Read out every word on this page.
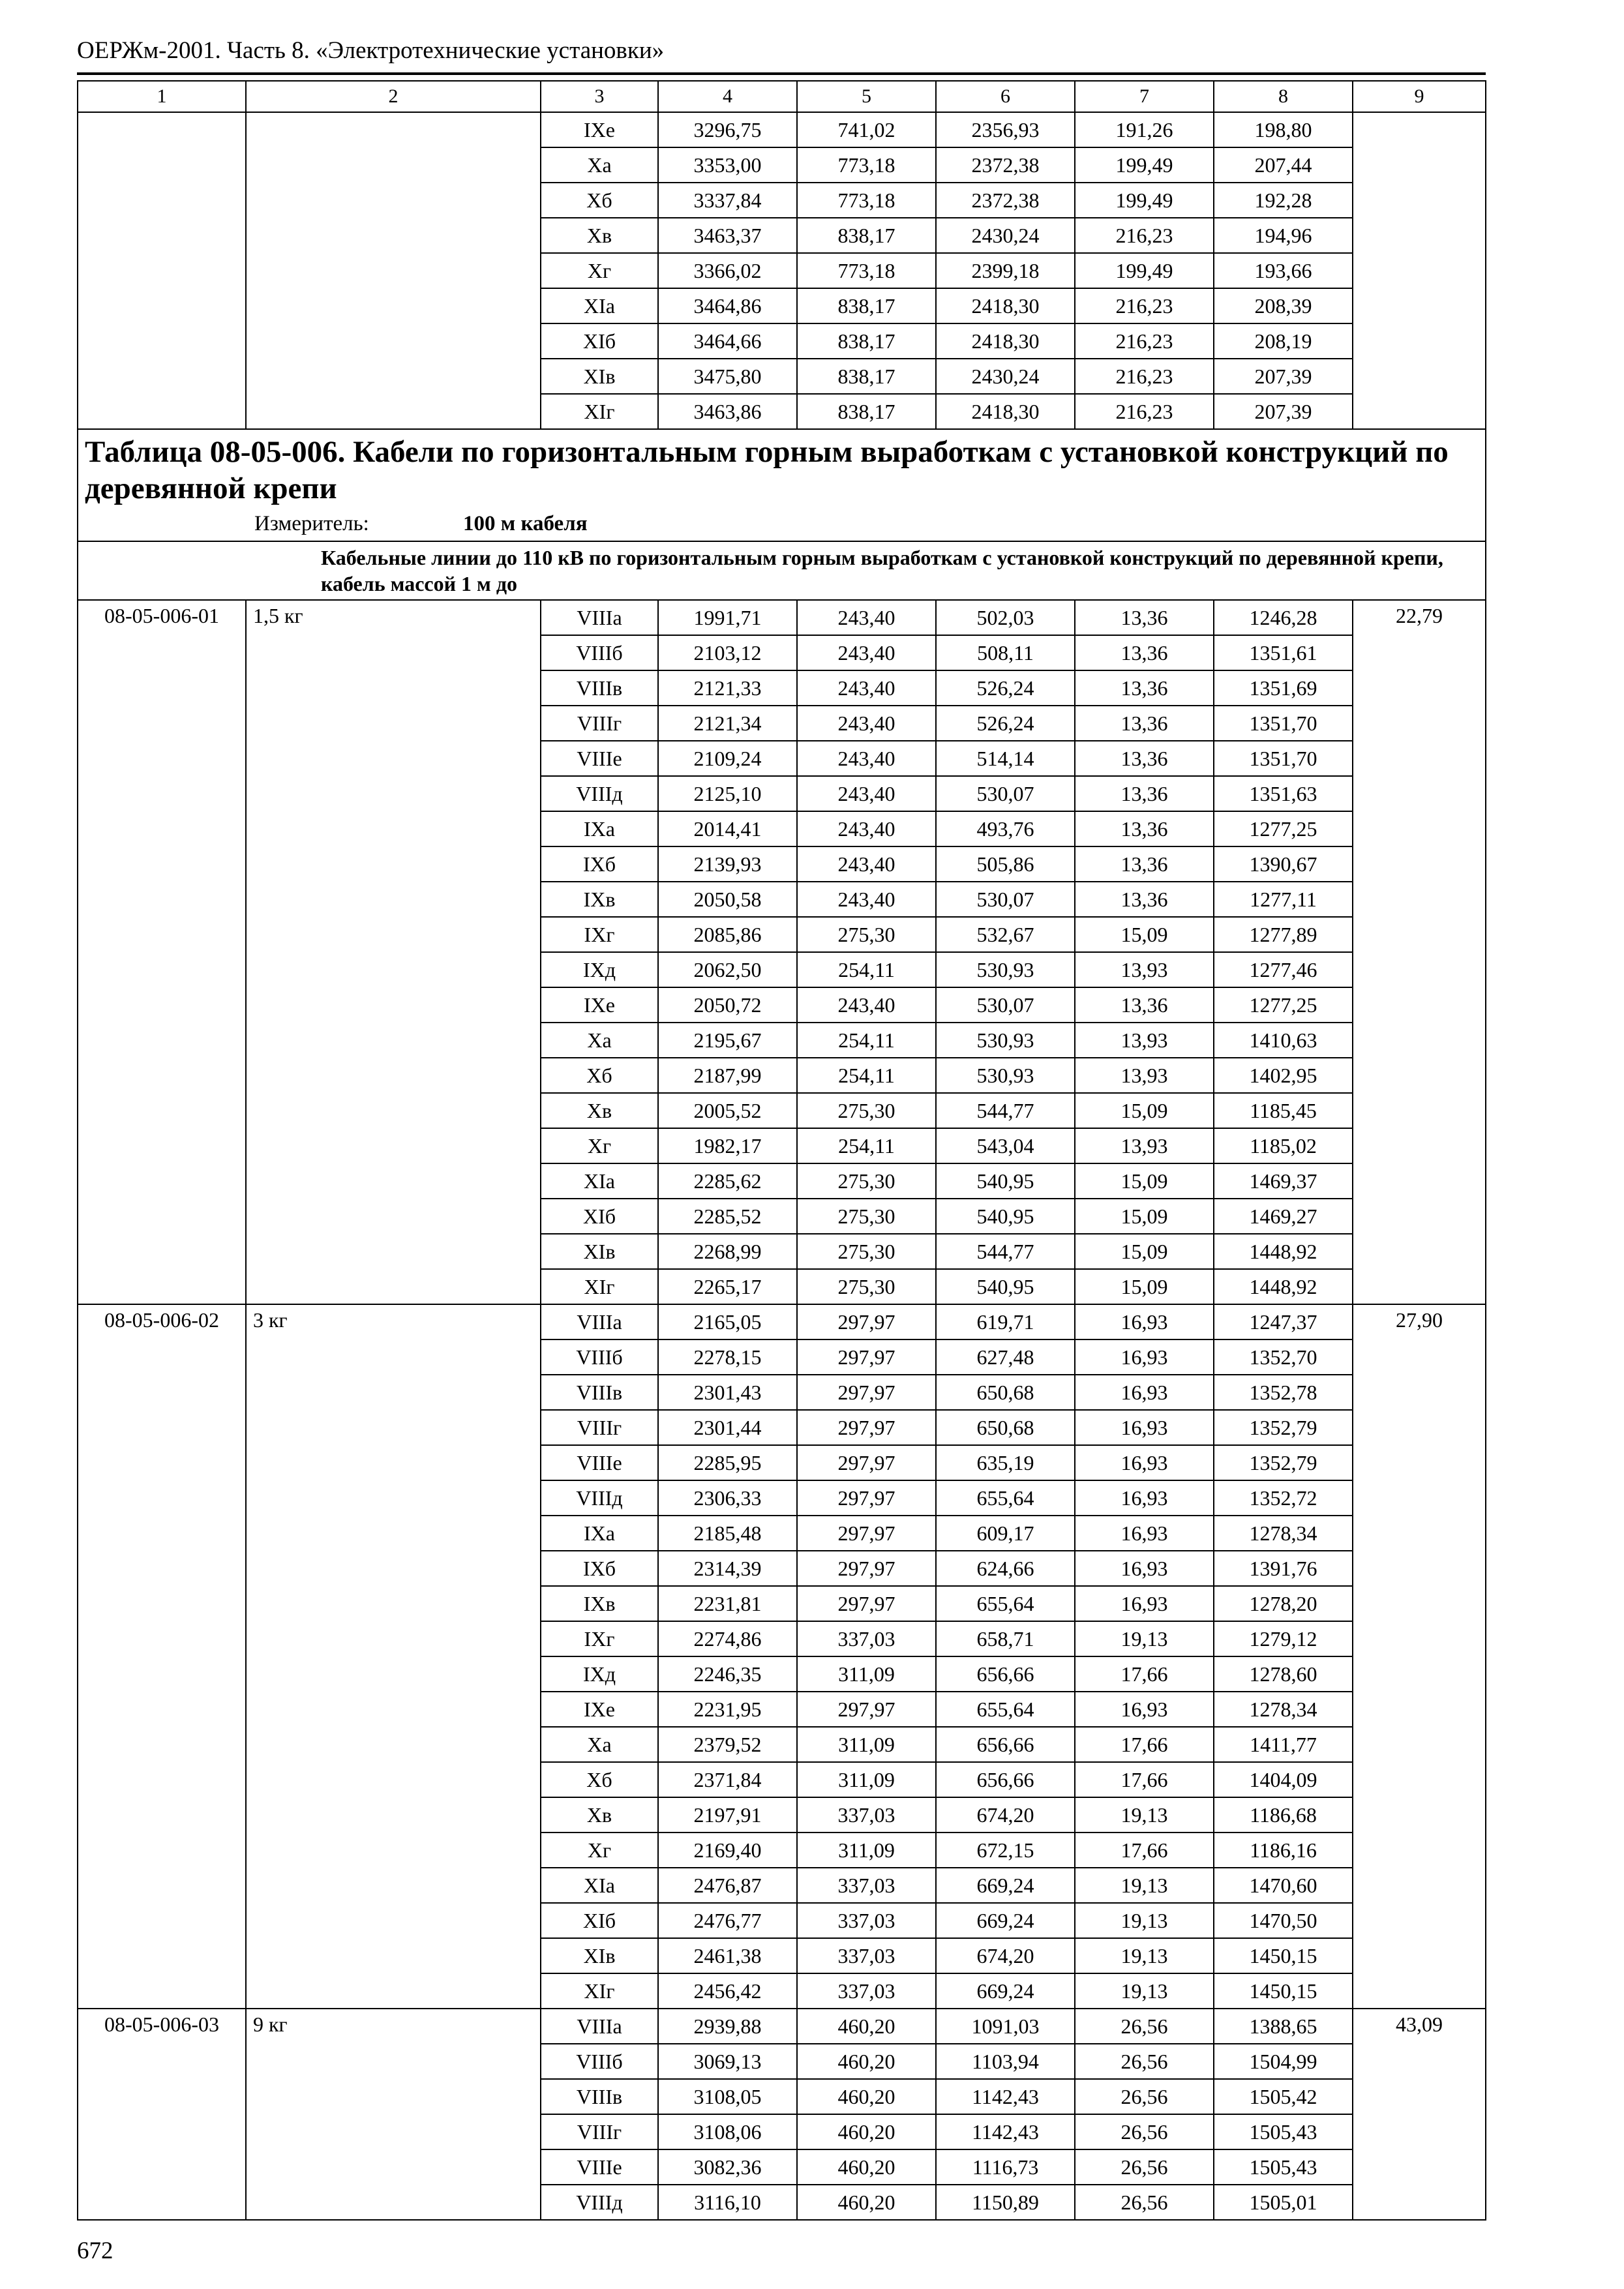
ОЕРЖм-2001. Часть 8. «Электротехнические установки»
1	2	3	4	5	6	7	8	9
		IXе	3296,75	741,02	2356,93	191,26	198,80	
		Xа	3353,00	773,18	2372,38	199,49	207,44	
		Xб	3337,84	773,18	2372,38	199,49	192,28	
		Xв	3463,37	838,17	2430,24	216,23	194,96	
		Xг	3366,02	773,18	2399,18	199,49	193,66	
		XIа	3464,86	838,17	2418,30	216,23	208,39	
		XIб	3464,66	838,17	2418,30	216,23	208,19	
		XIв	3475,80	838,17	2430,24	216,23	207,39	
		XIг	3463,86	838,17	2418,30	216,23	207,39	

Таблица 08-05-006. Кабели по горизонтальным горным выработкам с установкой конструкций по деревянной крепи
Измеритель: 100 м кабеля								

Кабельные линии до 110 кВ по горизонтальным горным выработкам с установкой конструкций по деревянной крепи, кабель массой 1 м до								
08-05-006-01	1,5 кг	VIIIа	1991,71	243,40	502,03	13,36	1246,28	22,79
		VIIIб	2103,12	243,40	508,11	13,36	1351,61	
		VIIIв	2121,33	243,40	526,24	13,36	1351,69	
		VIIIг	2121,34	243,40	526,24	13,36	1351,70	
		VIIIе	2109,24	243,40	514,14	13,36	1351,70	
		VIIIд	2125,10	243,40	530,07	13,36	1351,63	
		IXа	2014,41	243,40	493,76	13,36	1277,25	
		IXб	2139,93	243,40	505,86	13,36	1390,67	
		IXв	2050,58	243,40	530,07	13,36	1277,11	
		IXг	2085,86	275,30	532,67	15,09	1277,89	
		IXд	2062,50	254,11	530,93	13,93	1277,46	
		IXе	2050,72	243,40	530,07	13,36	1277,25	
		Xа	2195,67	254,11	530,93	13,93	1410,63	
		Xб	2187,99	254,11	530,93	13,93	1402,95	
		Xв	2005,52	275,30	544,77	15,09	1185,45	
		Xг	1982,17	254,11	543,04	13,93	1185,02	
		XIа	2285,62	275,30	540,95	15,09	1469,37	
		XIб	2285,52	275,30	540,95	15,09	1469,27	
		XIв	2268,99	275,30	544,77	15,09	1448,92	
		XIг	2265,17	275,30	540,95	15,09	1448,92	
08-05-006-02	3 кг	VIIIа	2165,05	297,97	619,71	16,93	1247,37	27,90
		VIIIб	2278,15	297,97	627,48	16,93	1352,70	
		VIIIв	2301,43	297,97	650,68	16,93	1352,78	
		VIIIг	2301,44	297,97	650,68	16,93	1352,79	
		VIIIе	2285,95	297,97	635,19	16,93	1352,79	
		VIIIд	2306,33	297,97	655,64	16,93	1352,72	
		IXа	2185,48	297,97	609,17	16,93	1278,34	
		IXб	2314,39	297,97	624,66	16,93	1391,76	
		IXв	2231,81	297,97	655,64	16,93	1278,20	
		IXг	2274,86	337,03	658,71	19,13	1279,12	
		IXд	2246,35	311,09	656,66	17,66	1278,60	
		IXе	2231,95	297,97	655,64	16,93	1278,34	
		Xа	2379,52	311,09	656,66	17,66	1411,77	
		Xб	2371,84	311,09	656,66	17,66	1404,09	
		Xв	2197,91	337,03	674,20	19,13	1186,68	
		Xг	2169,40	311,09	672,15	17,66	1186,16	
		XIа	2476,87	337,03	669,24	19,13	1470,60	
		XIб	2476,77	337,03	669,24	19,13	1470,50	
		XIв	2461,38	337,03	674,20	19,13	1450,15	
		XIг	2456,42	337,03	669,24	19,13	1450,15	
08-05-006-03	9 кг	VIIIа	2939,88	460,20	1091,03	26,56	1388,65	43,09
		VIIIб	3069,13	460,20	1103,94	26,56	1504,99	
		VIIIв	3108,05	460,20	1142,43	26,56	1505,42	
		VIIIг	3108,06	460,20	1142,43	26,56	1505,43	
		VIIIе	3082,36	460,20	1116,73	26,56	1505,43	
		VIIIд	3116,10	460,20	1150,89	26,56	1505,01	
672
